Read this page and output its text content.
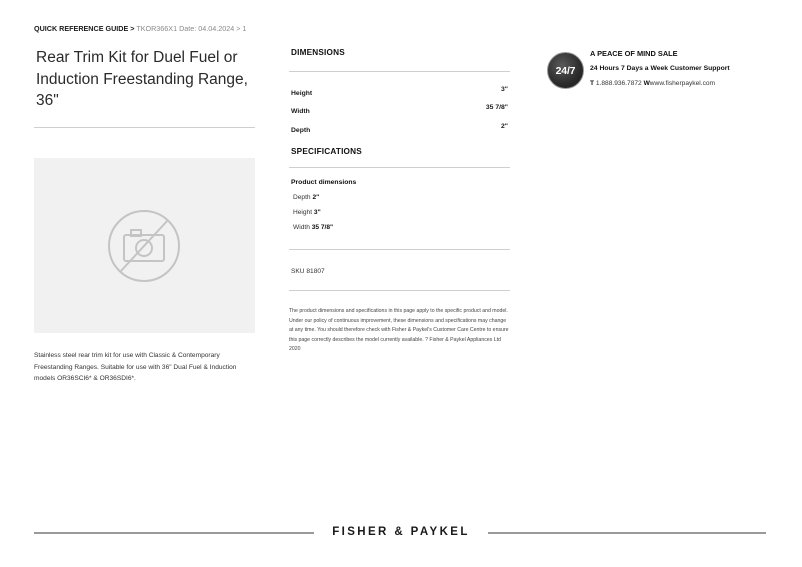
QUICK REFERENCE GUIDE > TKOR366X1 Date: 04.04.2024 > 1
Rear Trim Kit for Duel Fuel or Induction Freestanding Range, 36"

Stainless steel rear trim kit for use with Classic & Contemporary Freestanding Ranges. Suitable for use with 36" Dual Fuel & Induction models OR36SCI6* & OR36SDI6*.

DIMENSIONS
Height
3"
Width
35 7/8"
Depth
2"
SPECIFICATIONS
Product dimensions
Depth 2"
Height 3"
Width 35 7/8"
SKU 81807

The product dimensions and specifications in this page apply to the specific product and model. Under our policy of continuous improvement, these dimensions and specifications may change at any time. You should therefore check with Fisher & Paykel's Customer Care Centre to ensure this page correctly describes the model currently available. ? Fisher & Paykel Appliances Ltd 2020

24/7
A PEACE OF MIND SALE
24 Hours 7 Days a Week Customer Support
T 1.888.936.7872 Wwww.fisherpaykel.com
FISHER & PAYKEL
